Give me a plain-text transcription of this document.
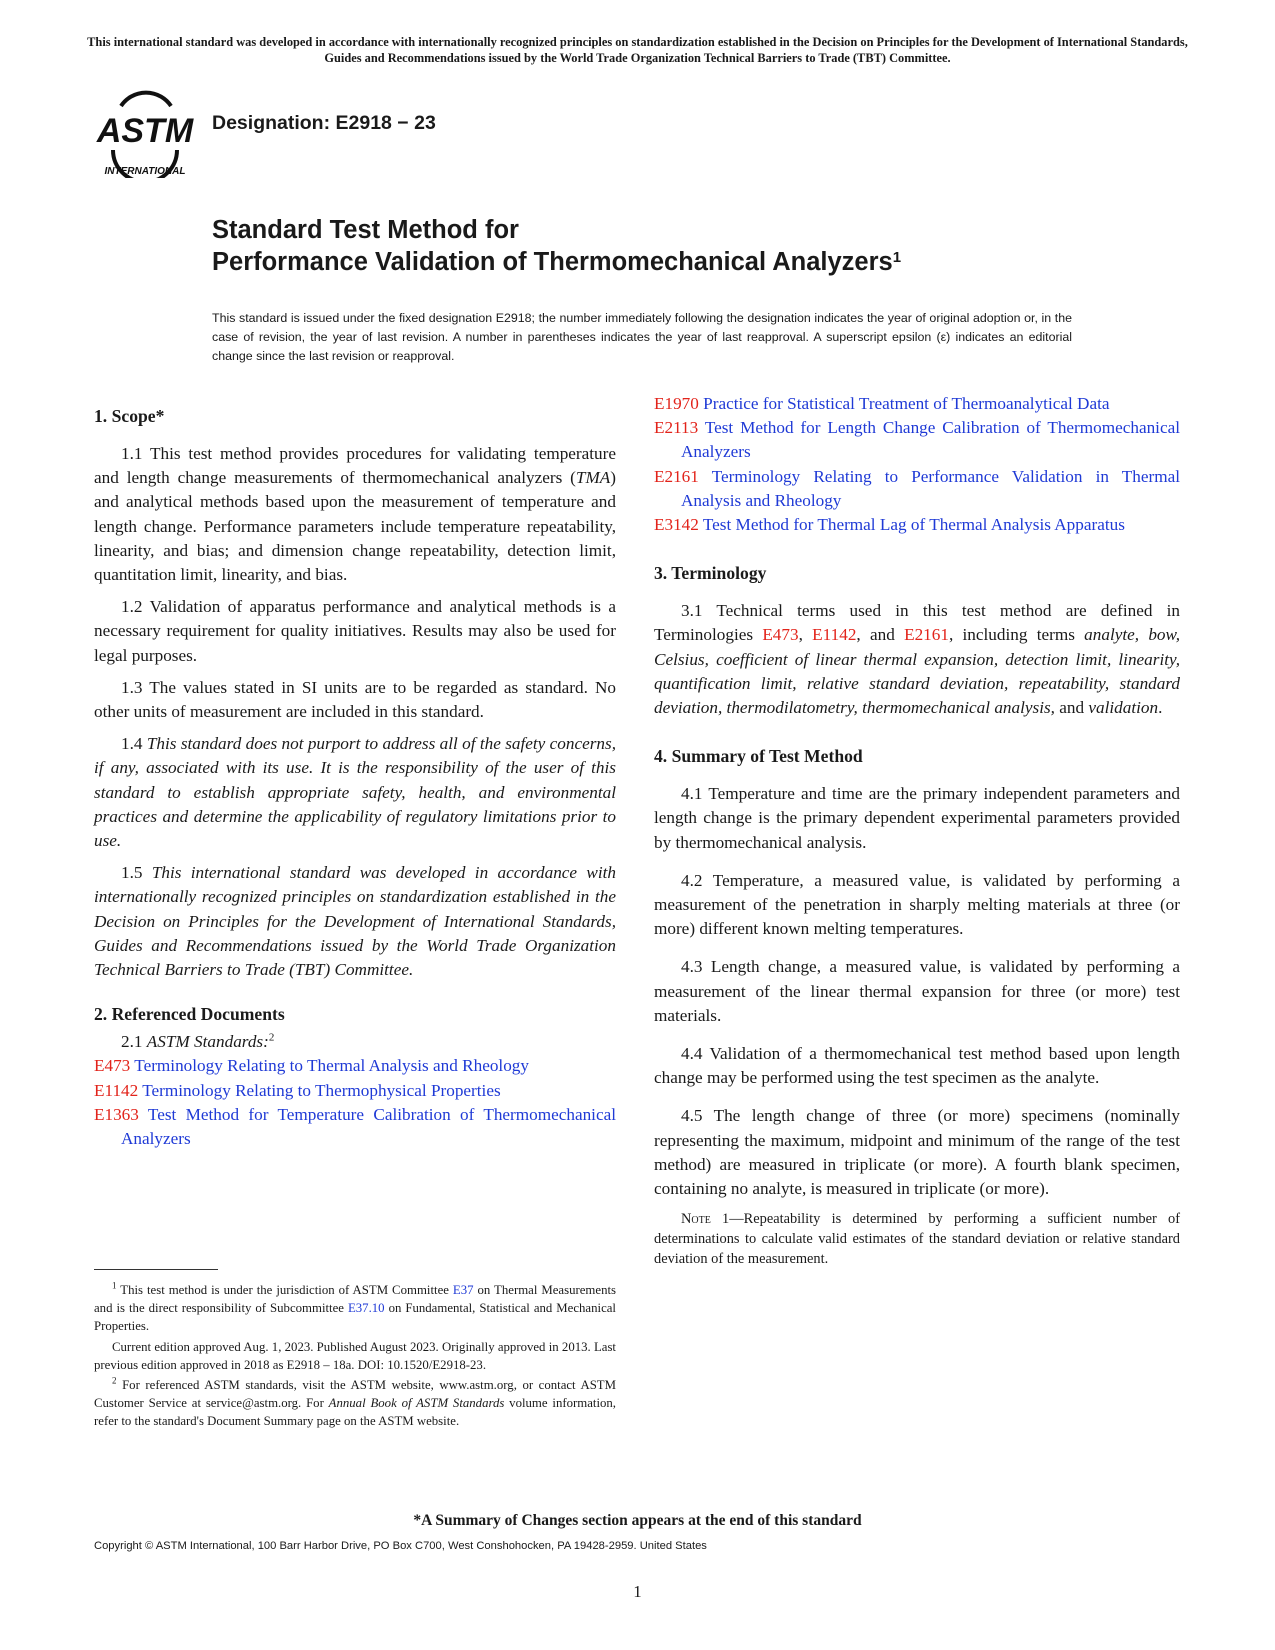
This international standard was developed in accordance with internationally recognized principles on standardization established in the Decision on Principles for the Development of International Standards, Guides and Recommendations issued by the World Trade Organization Technical Barriers to Trade (TBT) Committee.
ASTM
INTERNATIONAL
Designation: E2918 − 23
Standard Test Method for
Performance Validation of Thermomechanical Analyzers$^1$
This standard is issued under the fixed designation E2918; the number immediately following the designation indicates the year of original adoption or, in the case of revision, the year of last revision. A number in parentheses indicates the year of last reapproval. A superscript epsilon (ε) indicates an editorial change since the last revision or reapproval.
1. Scope*

1.1 This test method provides procedures for validating temperature and length change measurements of thermomechanical analyzers (TMA) and analytical methods based upon the measurement of temperature and length change. Performance parameters include temperature repeatability, linearity, and bias; and dimension change repeatability, detection limit, quantitation limit, linearity, and bias.

1.2 Validation of apparatus performance and analytical methods is a necessary requirement for quality initiatives. Results may also be used for legal purposes.

1.3 The values stated in SI units are to be regarded as standard. No other units of measurement are included in this standard.

1.4 This standard does not purport to address all of the safety concerns, if any, associated with its use. It is the responsibility of the user of this standard to establish appropriate safety, health, and environmental practices and determine the applicability of regulatory limitations prior to use.

1.5 This international standard was developed in accordance with internationally recognized principles on standardization established in the Decision on Principles for the Development of International Standards, Guides and Recommendations issued by the World Trade Organization Technical Barriers to Trade (TBT) Committee.

2. Referenced Documents
2.1 ASTM Standards:$^2$
E473 Terminology Relating to Thermal Analysis and Rheology
E1142 Terminology Relating to Thermophysical Properties
E1363 Test Method for Temperature Calibration of Thermomechanical Analyzers

$^1$ This test method is under the jurisdiction of ASTM Committee E37 on Thermal Measurements and is the direct responsibility of Subcommittee E37.10 on Fundamental, Statistical and Mechanical Properties.

Current edition approved Aug. 1, 2023. Published August 2023. Originally approved in 2013. Last previous edition approved in 2018 as E2918 – 18a. DOI: 10.1520/E2918-23.

$^2$ For referenced ASTM standards, visit the ASTM website, www.astm.org, or contact ASTM Customer Service at service@astm.org. For Annual Book of ASTM Standards volume information, refer to the standard's Document Summary page on the ASTM website.

E1970 Practice for Statistical Treatment of Thermoanalytical Data
E2113 Test Method for Length Change Calibration of Thermomechanical Analyzers
E2161 Terminology Relating to Performance Validation in Thermal Analysis and Rheology
E3142 Test Method for Thermal Lag of Thermal Analysis Apparatus
3. Terminology

3.1 Technical terms used in this test method are defined in Terminologies E473, E1142, and E2161, including terms analyte, bow, Celsius, coefficient of linear thermal expansion, detection limit, linearity, quantification limit, relative standard deviation, repeatability, standard deviation, thermodilatometry, thermomechanical analysis, and validation.

4. Summary of Test Method

4.1 Temperature and time are the primary independent parameters and length change is the primary dependent experimental parameters provided by thermomechanical analysis.

4.2 Temperature, a measured value, is validated by performing a measurement of the penetration in sharply melting materials at three (or more) different known melting temperatures.

4.3 Length change, a measured value, is validated by performing a measurement of the linear thermal expansion for three (or more) test materials.

4.4 Validation of a thermomechanical test method based upon length change may be performed using the test specimen as the analyte.

4.5 The length change of three (or more) specimens (nominally representing the maximum, midpoint and minimum of the range of the test method) are measured in triplicate (or more). A fourth blank specimen, containing no analyte, is measured in triplicate (or more).

Note 1—Repeatability is determined by performing a sufficient number of determinations to calculate valid estimates of the standard deviation or relative standard deviation of the measurement.
*A Summary of Changes section appears at the end of this standard
Copyright © ASTM International, 100 Barr Harbor Drive, PO Box C700, West Conshohocken, PA 19428-2959. United States
1
